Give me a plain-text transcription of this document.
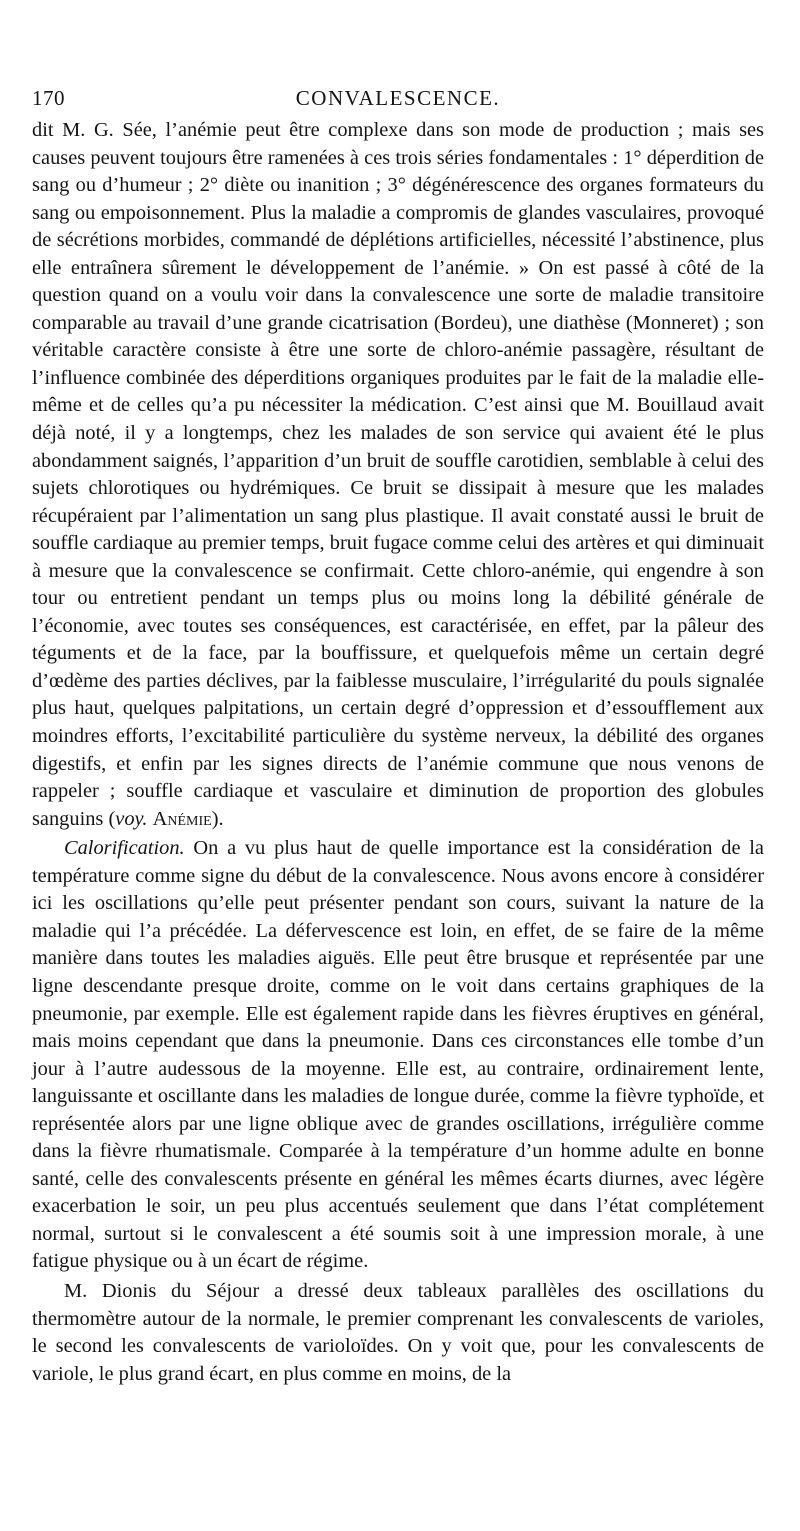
170	CONVALESCENCE.

dit M. G. Sée, l’anémie peut être complexe dans son mode de production ; mais ses causes peuvent toujours être ramenées à ces trois séries fondamentales : 1° déperdition de sang ou d’humeur ; 2° diète ou inanition ; 3° dégénérescence des organes formateurs du sang ou empoisonnement. Plus la maladie a compromis de glandes vasculaires, provoqué de sécrétions morbides, commandé de déplétions artificielles, nécessité l’abstinence, plus elle entraînera sûrement le développement de l’anémie. » On est passé à côté de la question quand on a voulu voir dans la convalescence une sorte de maladie transitoire comparable au travail d’une grande cicatrisation (Bordeu), une diathèse (Monneret) ; son véritable caractère consiste à être une sorte de chloro-anémie passagère, résultant de l’influence combinée des déperditions organiques produites par le fait de la maladie elle-même et de celles qu’a pu nécessiter la médication. C’est ainsi que M. Bouillaud avait déjà noté, il y a longtemps, chez les malades de son service qui avaient été le plus abondamment saignés, l’apparition d’un bruit de souffle carotidien, semblable à celui des sujets chlorotiques ou hydrémiques. Ce bruit se dissipait à mesure que les malades récupéraient par l’alimentation un sang plus plastique. Il avait constaté aussi le bruit de souffle cardiaque au premier temps, bruit fugace comme celui des artères et qui diminuait à mesure que la convalescence se confirmait. Cette chloro-anémie, qui engendre à son tour ou entretient pendant un temps plus ou moins long la débilité générale de l’économie, avec toutes ses conséquences, est caractérisée, en effet, par la pâleur des téguments et de la face, par la bouffissure, et quelquefois même un certain degré d’œdème des parties déclives, par la faiblesse musculaire, l’irrégularité du pouls signalée plus haut, quelques palpitations, un certain degré d’oppression et d’essoufflement aux moindres efforts, l’excitabilité particulière du système nerveux, la débilité des organes digestifs, et enfin par les signes directs de l’anémie commune que nous venons de rappeler ; souffle cardiaque et vasculaire et diminution de proportion des globules sanguins (voy. Anémie).

Calorification. On a vu plus haut de quelle importance est la considération de la température comme signe du début de la convalescence. Nous avons encore à considérer ici les oscillations qu’elle peut présenter pendant son cours, suivant la nature de la maladie qui l’a précédée. La défervescence est loin, en effet, de se faire de la même manière dans toutes les maladies aiguës. Elle peut être brusque et représentée par une ligne descendante presque droite, comme on le voit dans certains graphiques de la pneumonie, par exemple. Elle est également rapide dans les fièvres éruptives en général, mais moins cependant que dans la pneumonie. Dans ces circonstances elle tombe d’un jour à l’autre audessous de la moyenne. Elle est, au contraire, ordinairement lente, languissante et oscillante dans les maladies de longue durée, comme la fièvre typhoïde, et représentée alors par une ligne oblique avec de grandes oscillations, irrégulière comme dans la fièvre rhumatismale. Comparée à la température d’un homme adulte en bonne santé, celle des convalescents présente en général les mêmes écarts diurnes, avec légère exacerbation le soir, un peu plus accentués seulement que dans l’état complétement normal, surtout si le convalescent a été soumis soit à une impression morale, à une fatigue physique ou à un écart de régime.

M. Dionis du Séjour a dressé deux tableaux parallèles des oscillations du thermomètre autour de la normale, le premier comprenant les convalescents de varioles, le second les convalescents de varioloïdes. On y voit que, pour les convalescents de variole, le plus grand écart, en plus comme en moins, de la
